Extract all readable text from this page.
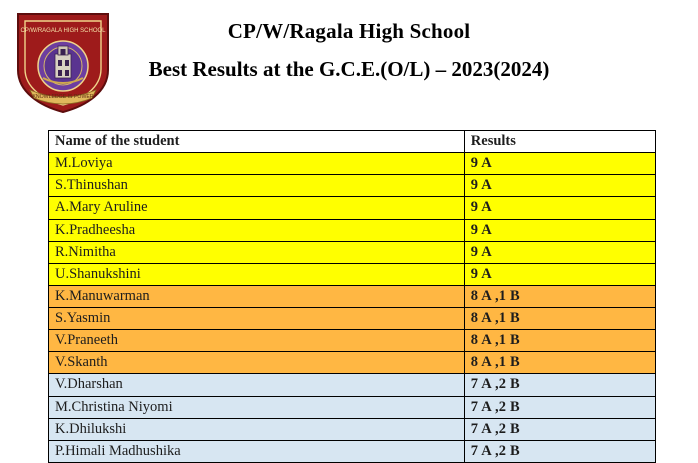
CP/W/RAGALA HIGH SCHOOL
KNOWLEDGE IS POWER
CP/W/Ragala High School
Best Results at the G.C.E.(O/L) – 2023(2024)
Name of the student	Results
M.Loviya	9 A
S.Thinushan	9 A
A.Mary Aruline	9 A
K.Pradheesha	9 A
R.Nimitha	9 A
U.Shanukshini	9 A
K.Manuwarman	8 A ,1 B
S.Yasmin	8 A ,1 B
V.Praneeth	8 A ,1 B
V.Skanth	8 A ,1 B
V.Dharshan	7 A ,2 B
M.Christina Niyomi	7 A ,2 B
K.Dhilukshi	7 A ,2 B
P.Himali Madhushika	7 A ,2 B
